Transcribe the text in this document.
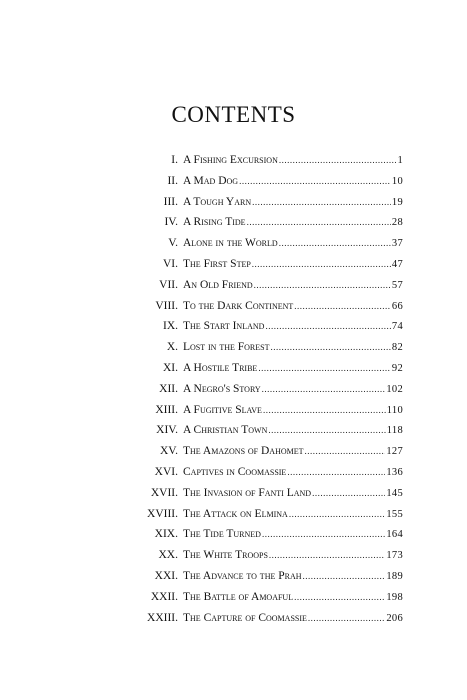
CONTENTS
I. A Fishing Excursion .....	1
II. A Mad Dog .....	10
III. A Tough Yarn .....	19
IV. A Rising Tide .....	28
V. Alone in the World .....	37
VI. The First Step .....	47
VII. An Old Friend .....	57
VIII. To the Dark Continent .....	66
IX. The Start Inland .....	74
X. Lost in the Forest .....	82
XI. A Hostile Tribe .....	92
XII. A Negro's Story .....	102
XIII. A Fugitive Slave .....	110
XIV. A Christian Town .....	118
XV. The Amazons of Dahomet .....	127
XVI. Captives in Coomassie .....	136
XVII. The Invasion of Fanti Land .....	145
XVIII. The Attack on Elmina .....	155
XIX. The Tide Turned .....	164
XX. The White Troops .....	173
XXI. The Advance to the Prah .....	189
XXII. The Battle of Amoaful .....	198
XXIII. The Capture of Coomassie .....	206
